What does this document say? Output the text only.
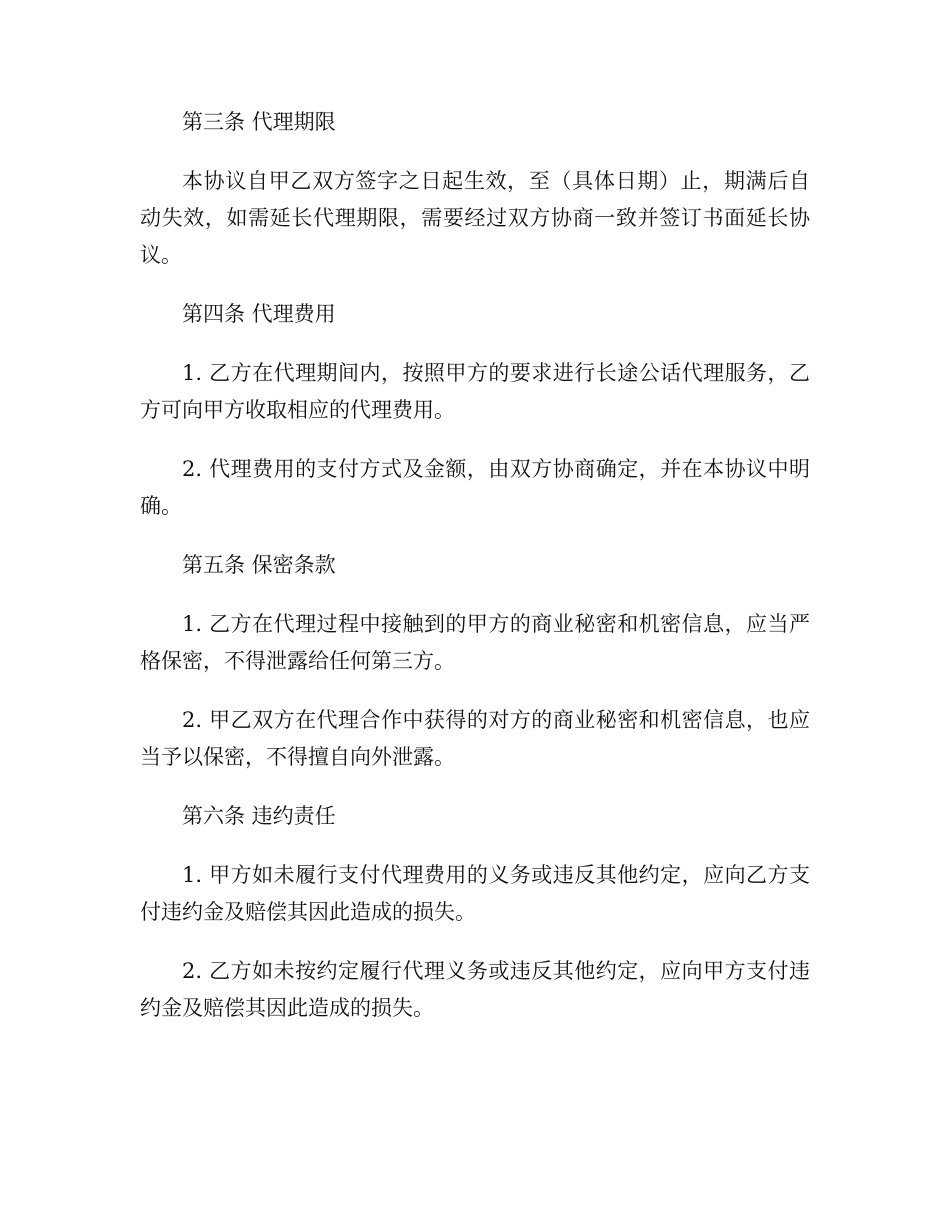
第三条 代理期限

本协议自甲乙双方签字之日起生效，至（具体日期）止，期满后自动失效，如需延长代理期限，需要经过双方协商一致并签订书面延长协议。

第四条 代理费用

1. 乙方在代理期间内，按照甲方的要求进行长途公话代理服务，乙方可向甲方收取相应的代理费用。

2. 代理费用的支付方式及金额，由双方协商确定，并在本协议中明确。

第五条 保密条款

1. 乙方在代理过程中接触到的甲方的商业秘密和机密信息，应当严格保密，不得泄露给任何第三方。

2. 甲乙双方在代理合作中获得的对方的商业秘密和机密信息，也应当予以保密，不得擅自向外泄露。

第六条 违约责任

1. 甲方如未履行支付代理费用的义务或违反其他约定，应向乙方支付违约金及赔偿其因此造成的损失。

2. 乙方如未按约定履行代理义务或违反其他约定，应向甲方支付违约金及赔偿其因此造成的损失。
